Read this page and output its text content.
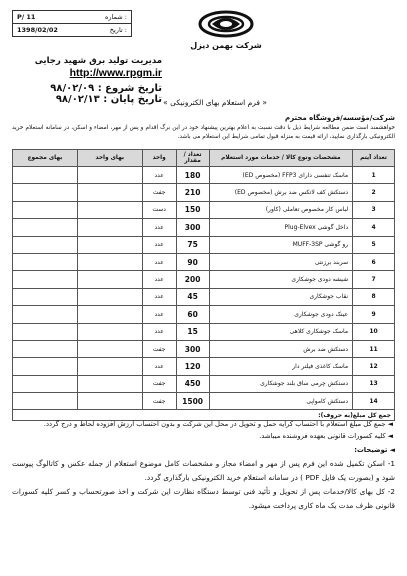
P/ 11	شماره :
1398/02/02	تاریخ :
شرکت بهمن دیزل
مدیریت تولید برق شهید رجایی
http://www.rpgm.ir
تاریخ شروع : ۹۸/۰۲/۰۹
تاریخ پایان : ۹۸/۰۲/۱۳ « فرم استعلام بهای الکترونیکی »
شرکت/مؤسسه/فروشگاه محترم
خواهشمند است ضمن مطالعه شرایط ذیل با دقت نسبت به اعلام بهترین پیشنهاد خود در این برگ اقدام و پس از مهر، امضاء و اسکن، در سامانه استعلام خرید الکترونیکی بارگذاری نمایید، ارائه قیمت به منزله قبول تمامی شرایط این استعلام می باشد.
تعداد آیتم	مشخصات ونوع کالا / خدمات مورد استعلام	تعداد / مقدار	واحد	بهای واحد	بهای مجموع
1	ماسک تنفسی دارای FFP3 (مخصوص ED)	180	عدد		
2	دستکش کف لاتکس ضد برش (مخصوص ED)	210	جفت		
3	لباس کار مخصوص تعاملی (کاور)	150	دست		
4	داخل گوشی Plug-Elvex	300	عدد		
5	رو گوشی MUFF-3SP	75	عدد		
6	سربند برزنتی	90	عدد		
7	شیشه دودی جوشکاری	200	عدد		
8	نقاب جوشکاری	45	عدد		
9	عینک دودی جوشکاری	60	عدد		
10	ماسک جوشکاری کلاهی	15	عدد		
11	دستکش ضد برش	300	جفت		
12	ماسک کاغذی فیلتر دار	120	عدد		
13	دستکش چرمی ساق بلند جوشکاری	450	جفت		
14	دستکش کامواپی	1500	جفت		
جمع کل مبلغ(به حروف):					
◄ جمع کل مبلغ استعلام با احتساب کرایه حمل و تحویل در محل این شرکت و بدون احتساب ارزش افزوده لحاظ و درج گردد.
◄ کلیه کسورات قانونی بعهده فروشنده میباشد.
◄ توضیحات:
1- اسکن تکمیل شده این فرم پس از مهر و امضاء مجاز و مشخصات کامل موضوع استعلام از جمله عکس و کاتالوگ پیوست شود و (بصورت یک فایل PDF ) در سامانه استعلام خرید الکترونیکی بارگذاری گردد.
2- کل بهای کالا/خدمات پس از تحویل و تأئید فنی توسط دستگاه نظارت این شرکت و اخذ صورتحساب و کسر کلیه کسورات قانونی ظرف مدت یک ماه کاری پرداخت میشود.
